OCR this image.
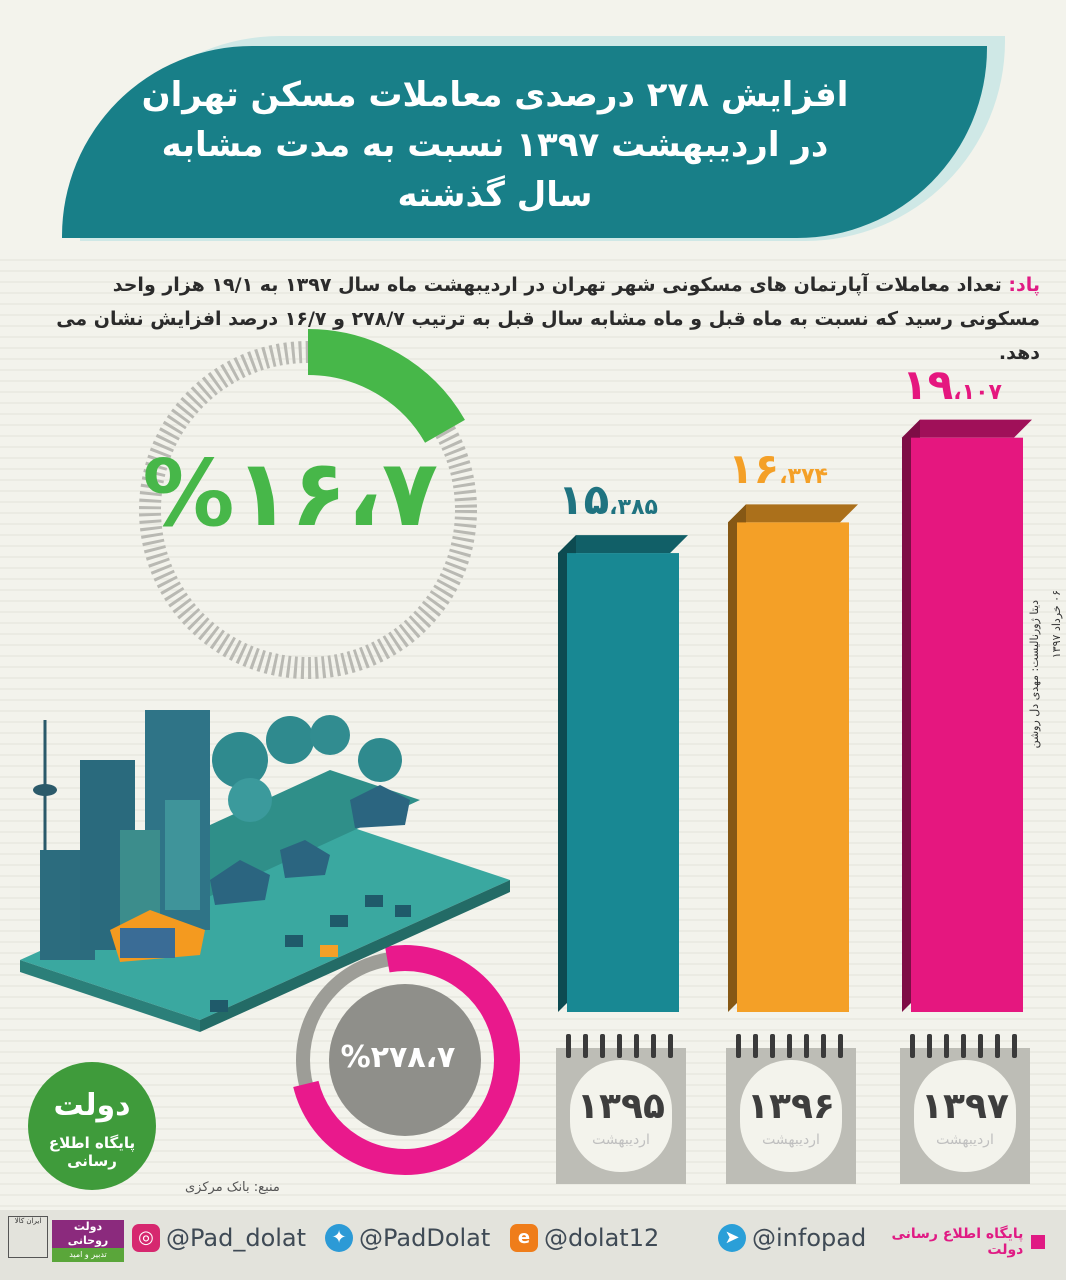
افزایش ۲۷۸ درصدی معاملات مسکن تهران در اردیبهشت ۱۳۹۷ نسبت به مدت مشابه سال گذشته
پاد: تعداد معاملات آپارتمان های مسکونی شهر تهران در اردیبهشت ماه سال ۱۳۹۷ به ۱۹/۱ هزار واحد مسکونی رسید که نسبت به ماه قبل و ماه مشابه سال قبل به ترتیب ۲۷۸/۷ و ۱۶/۷ درصد افزایش نشان می دهد.
%۱۶،۷
%۲۷۸،۷
۱۵،۳۸۵
۱۶،۳۷۴
۱۹،۱۰۷
۱۳۹۵
اردیبهشت
۱۳۹۶
اردیبهشت
۱۳۹۷
اردیبهشت
دولت
پایگاه اطلاع رسانی
منبع: بانک مرکزی
دیتا ژورنالیست: مهدی دل روشن ۰۶ خرداد ۱۳۹۷
ایران کالا	دولت روحانی
تدبیر و امید
◎ @Pad_dolat	✦ @PadDolat	e @dolat12	➤ @infopad	پایگاه اطلاع رسانی دولت
